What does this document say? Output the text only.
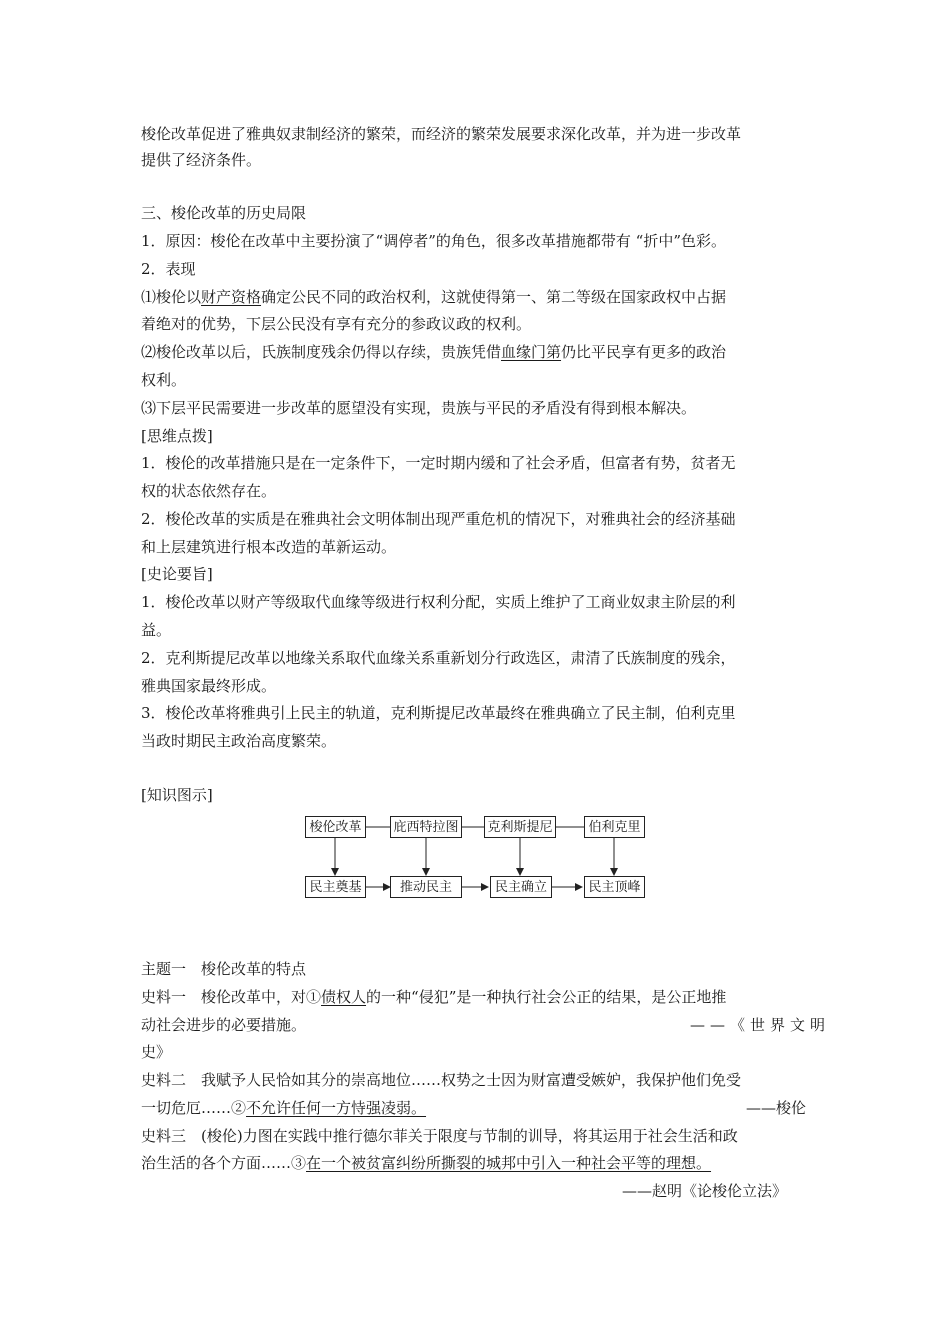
梭伦改革促进了雅典奴隶制经济的繁荣，而经济的繁荣发展要求深化改革，并为进一步改革
提供了经济条件。
三、梭伦改革的历史局限
1．原因：梭伦在改革中主要扮演了“调停者”的角色，很多改革措施都带有 “折中”色彩。
2．表现
⑴梭伦以财产资格确定公民不同的政治权利，这就使得第一、第二等级在国家政权中占据
着绝对的优势，下层公民没有享有充分的参政议政的权利。
⑵梭伦改革以后，氏族制度残余仍得以存续，贵族凭借血缘门第仍比平民享有更多的政治
权利。
⑶下层平民需要进一步改革的愿望没有实现，贵族与平民的矛盾没有得到根本解决。
[思维点拨]
1．梭伦的改革措施只是在一定条件下，一定时期内缓和了社会矛盾，但富者有势，贫者无
权的状态依然存在。
2．梭伦改革的实质是在雅典社会文明体制出现严重危机的情况下，对雅典社会的经济基础
和上层建筑进行根本改造的革新运动。
[史论要旨]
1．梭伦改革以财产等级取代血缘等级进行权利分配，实质上维护了工商业奴隶主阶层的利
益。
2．克利斯提尼改革以地缘关系取代血缘关系重新划分行政选区，肃清了氏族制度的残余，
雅典国家最终形成。
3．梭伦改革将雅典引上民主的轨道，克利斯提尼改革最终在雅典确立了民主制，伯利克里
当政时期民主政治高度繁荣。
[知识图示]
梭伦改革	庇西特拉图 克利斯提尼	伯利克里
民主奠基	推动民主	民主确立	民主顶峰
主题一　梭伦改革的特点
史料一　梭伦改革中，对①债权人的一种“侵犯”是一种执行社会公正的结果，是公正地推
动社会进步的必要措施。	——《世界文明
史》
史料二　我赋予人民恰如其分的崇高地位……权势之士因为财富遭受嫉妒，我保护他们免受
一切危厄……②不允许任何一方恃强凌弱。	——梭伦
史料三　(梭伦)力图在实践中推行德尔菲关于限度与节制的训导，将其运用于社会生活和政
治生活的各个方面……③在一个被贫富纠纷所撕裂的城邦中引入一种社会平等的理想。
——赵明《论梭伦立法》
